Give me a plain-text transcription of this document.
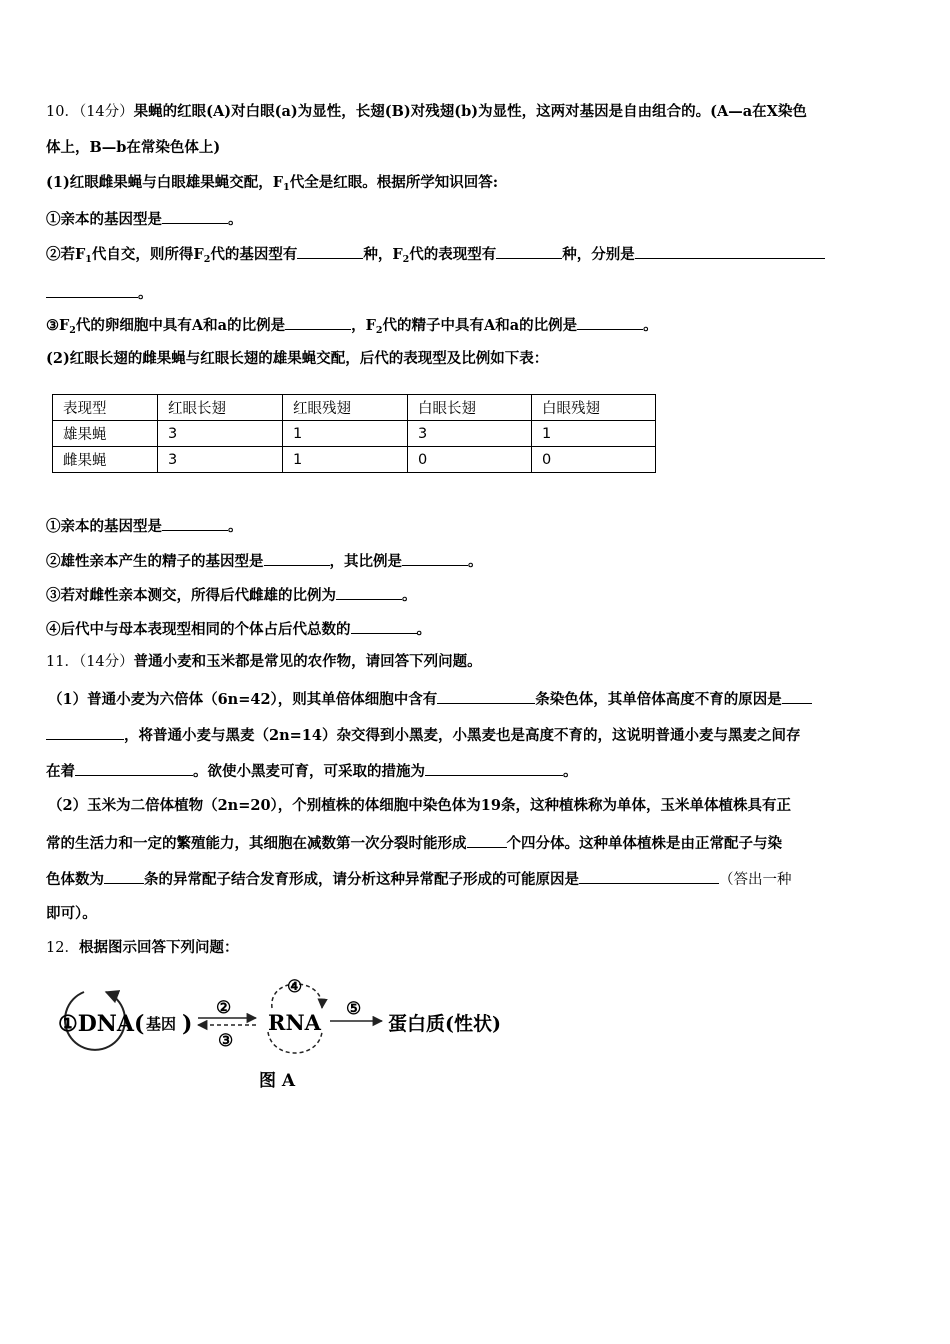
10．（14分）果蝇的红眼(A)对白眼(a)为显性，长翅(B)对残翅(b)为显性，这两对基因是自由组合的。(A—a在X染色
体上，B—b在常染色体上)
(1)红眼雌果蝇与白眼雄果蝇交配，$F_1$代全是红眼。根据所学知识回答:
①亲本的基因型是	。
②若$F_1$代自交，则所得$F_2$代的基因型有	种，$F_2$代的表现型有	种，分别是
。
$③F_2$代的卵细胞中具有A和a的比例是	，$F_2$代的精子中具有A和a的比例是	。
(2)红眼长翅的雌果蝇与红眼长翅的雄果蝇交配，后代的表现型及比例如下表：
表现型	红眼长翅	红眼残翅	白眼长翅	白眼残翅
雄果蝇	3	1	3	1
雌果蝇	3	1	0	0
①亲本的基因型是	。
②雄性亲本产生的精子的基因型是	，其比例是	。
③若对雌性亲本测交，所得后代雌雄的比例为	。
④后代中与母本表现型相同的个体占后代总数的	。
11．（14分）普通小麦和玉米都是常见的农作物，请回答下列问题。
（1）普通小麦为六倍体（6n=42），则其单倍体细胞中含有	条染色体，其单倍体高度不育的原因是
，将普通小麦与黑麦（2n=14）杂交得到小黑麦，小黑麦也是高度不育的，这说明普通小麦与黑麦之间存
在着	。欲使小黑麦可育，可采取的措施为	。
（2）玉米为二倍体植物（2n=20），个别植株的体细胞中染色体为19条，这种植株称为单体，玉米单体植株具有正
常的生活力和一定的繁殖能力，其细胞在减数第一次分裂时能形成	个四分体。这种单体植株是由正常配子与染
色体数为	条的异常配子结合发育形成，请分析这种异常配子形成的可能原因是	（答出一种
即可）。
12．根据图示回答下列问题：
①DNA( 基因 )
②
③
④
RNA
⑤
蛋白质(性状)
图 A
